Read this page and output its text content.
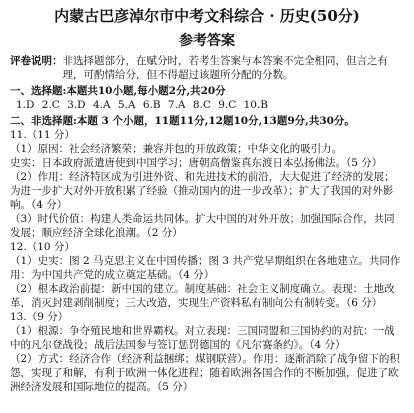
内蒙古巴彦淖尔市中考文科综合 · 历史(50分)
参考答案
评卷说明： 非选择题部分，在赋分时，若考生答案与本答案不完全相同，但言之有理，可酌情给分，但不得超过该题所分配的分数。
一、选择题:本题共10小题,每小题2分,共20分
1.D 2.C 3.D 4.A 5.A 6.B 7.A 8.C 9.C 10.B
二、非选择题:本题 3 个小题，11题11分,12题10分,13题9分,共30分。
11.（11 分）
（1）原因：社会经济繁荣；兼容并包的开放政策；中华文化的吸引力。
史实：日本政府派遣唐使到中国学习；唐朝高僧鉴真东渡日本弘扬佛法。（5 分）
（2）作用：经济特区成为引进外资、和先进技术的前沿，大大促进了经济的发展；为进一步扩大对外开放积累了经验（推动国内的进一步改革）；扩大了我国的对外影响。（4 分）
（3）时代价值：构建人类命运共同体。扩大中国的对外开放；加强国际合作，共同发展；顺应经济全球化浪潮。（2 分）
12.（10 分）
（1）史实：图 2 马克思主义在中国传播；图 3 共产党早期组织在各地建立。共同作用：为中国共产党的成立奠定基础。（4 分）
（2）根本政治前提：新中国的建立。制度基础：社会主义制度确立。表现：土地改革，消灭封建剥削制度；三大改造，实现生产资料私有制向公有制转变。（6 分）
13.（9 分）
（1）根源：争夺殖民地和世界霸权。对立表现：三国同盟和三国协约的对抗：一战中的凡尔登战役；战后法国参与签订惩罚德国的《凡尔赛条约》。（4 分）
（2）方式：经济合作（经济利益捆绑；煤钢联营）。作用：逐渐消除了战争留下的积怨，实现了和解，有利于欧洲一体化进程；随着欧洲各国合作的不断加强，促进了欧洲经济发展和国际地位的提高。（5 分）
